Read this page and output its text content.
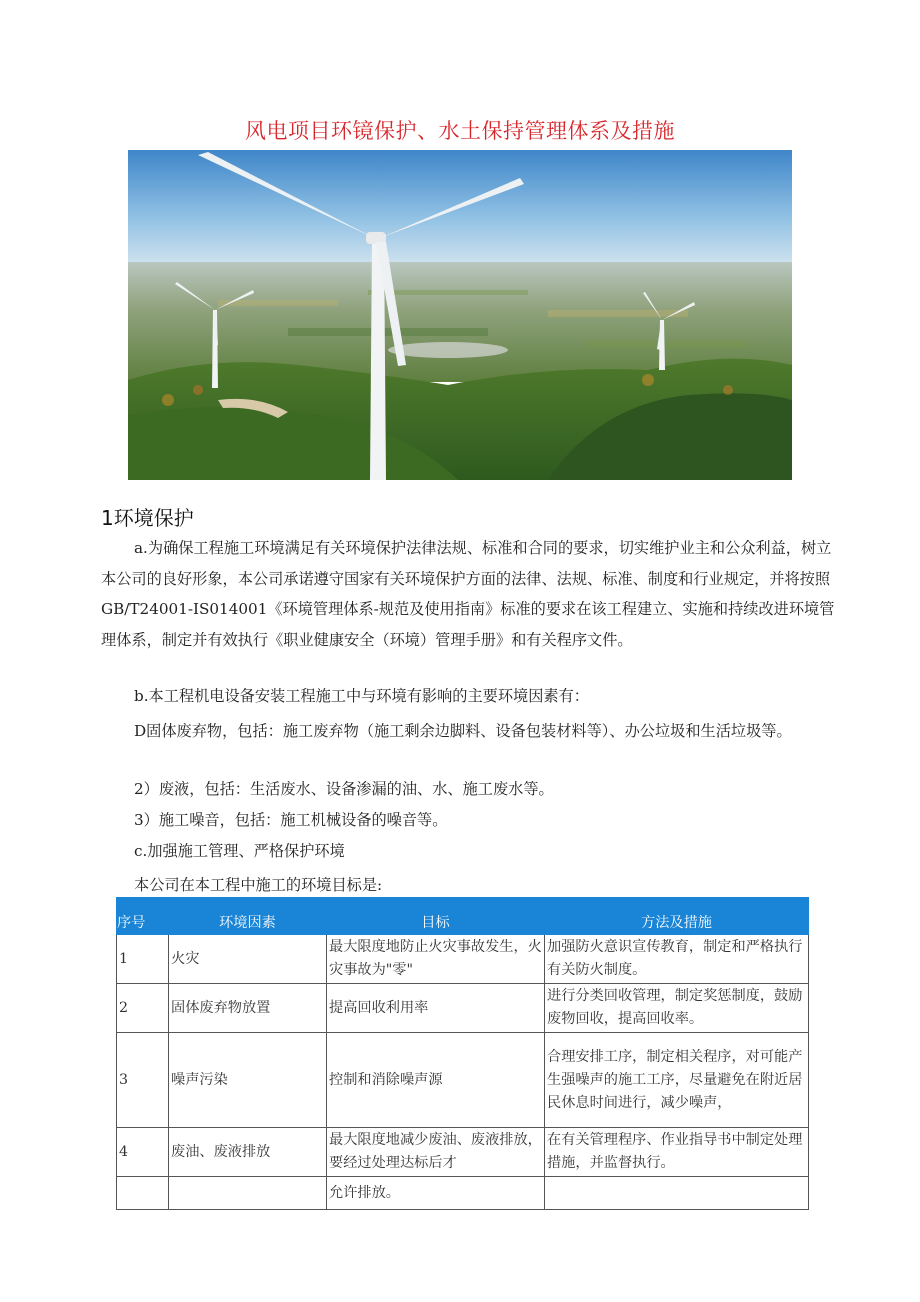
风电项目环镜保护、水土保持管理体系及措施
1环境保护

a.为确保工程施工环境满足有关环境保护法律法规、标准和合同的要求，切实维护业主和公众利益，树立本公司的良好形象，本公司承诺遵守国家有关环境保护方面的法律、法规、标准、制度和行业规定，并将按照GB/T24001-IS014001《环境管理体系-规范及使用指南》标准的要求在该工程建立、实施和持续改进环境管理体系，制定并有效执行《职业健康安全（环境）管理手册》和有关程序文件。

b.本工程机电设备安装工程施工中与环境有影响的主要环境因素有：

D固体废弃物，包括：施工废弃物（施工剩余边脚料、设备包装材料等）、办公垃圾和生活垃圾等。

2）废液，包括：生活废水、设备渗漏的油、水、施工废水等。

3）施工噪音，包括：施工机械设备的噪音等。

c.加强施工管理、严格保护环境

本公司在本工程中施工的环境目标是:

序号	环境因素	目标	方法及措施
1	火灾	最大限度地防止火灾事故发生，火灾事故为"零"	加强防火意识宣传教育，制定和严格执行有关防火制度。
2	固体废弃物放置	提高回收利用率	进行分类回收管理，制定奖惩制度，鼓励废物回收，提高回收率。
3	噪声污染	控制和消除噪声源	合理安排工序，制定相关程序，对可能产生强噪声的施工工序，尽量避免在附近居民休息时间进行，减少噪声，
4	废油、废液排放	最大限度地减少废油、废液排放，要经过处理达标后才	在有关管理程序、作业指导书中制定处理措施，并监督执行。
		允许排放。	
